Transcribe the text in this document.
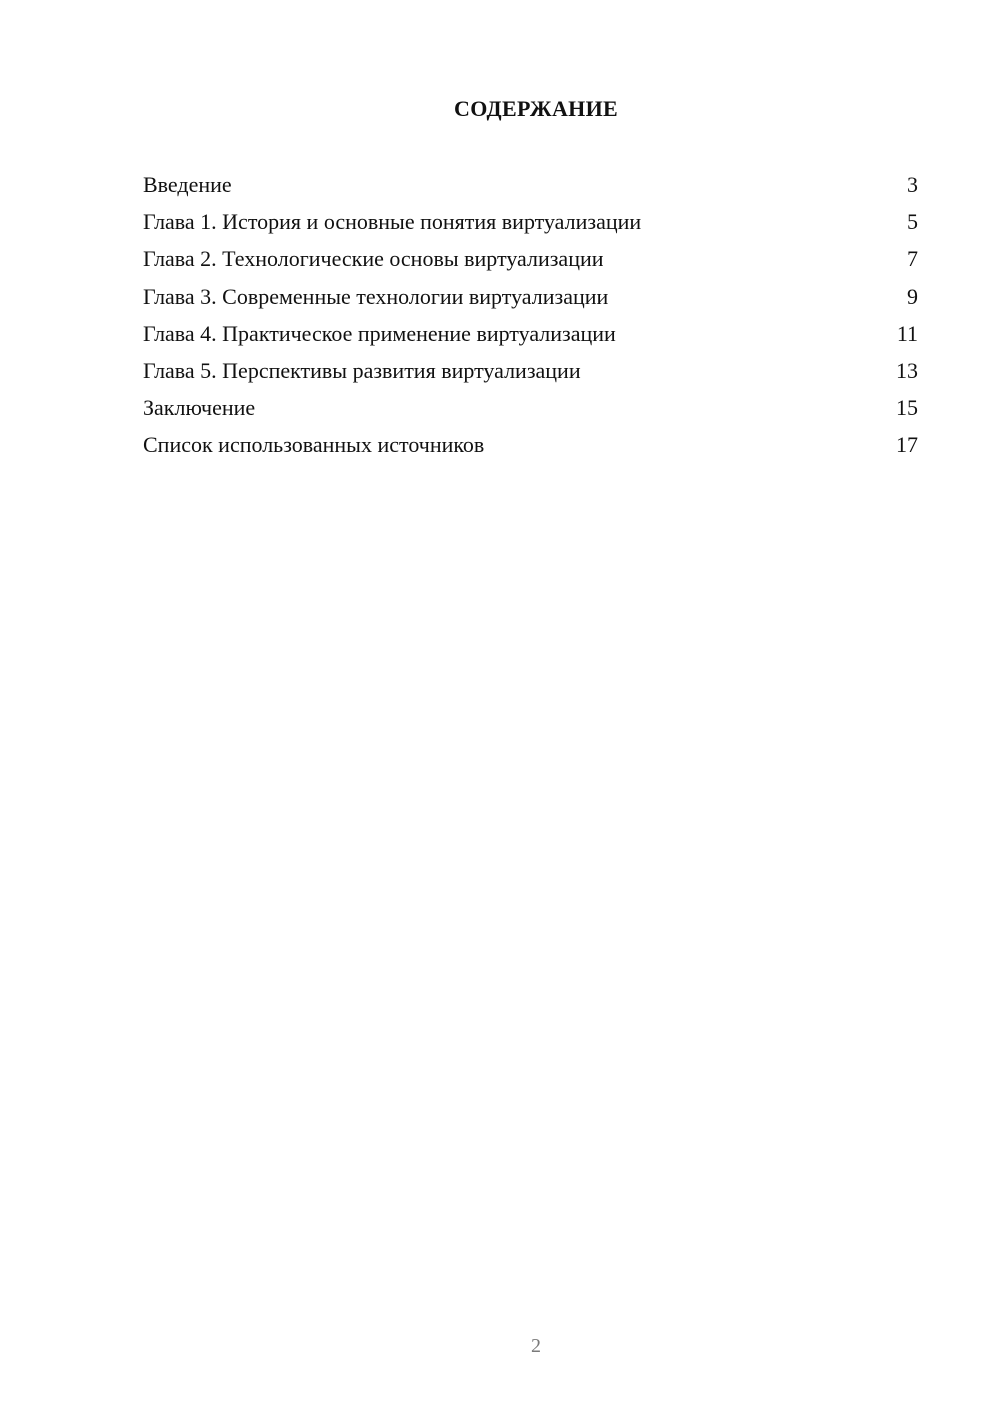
СОДЕРЖАНИЕ
Введение	3
Глава 1. История и основные понятия виртуализации	5
Глава 2. Технологические основы виртуализации	7
Глава 3. Современные технологии виртуализации	9
Глава 4. Практическое применение виртуализации	11
Глава 5. Перспективы развития виртуализации	13
Заключение	15
Список использованных источников	17
2
